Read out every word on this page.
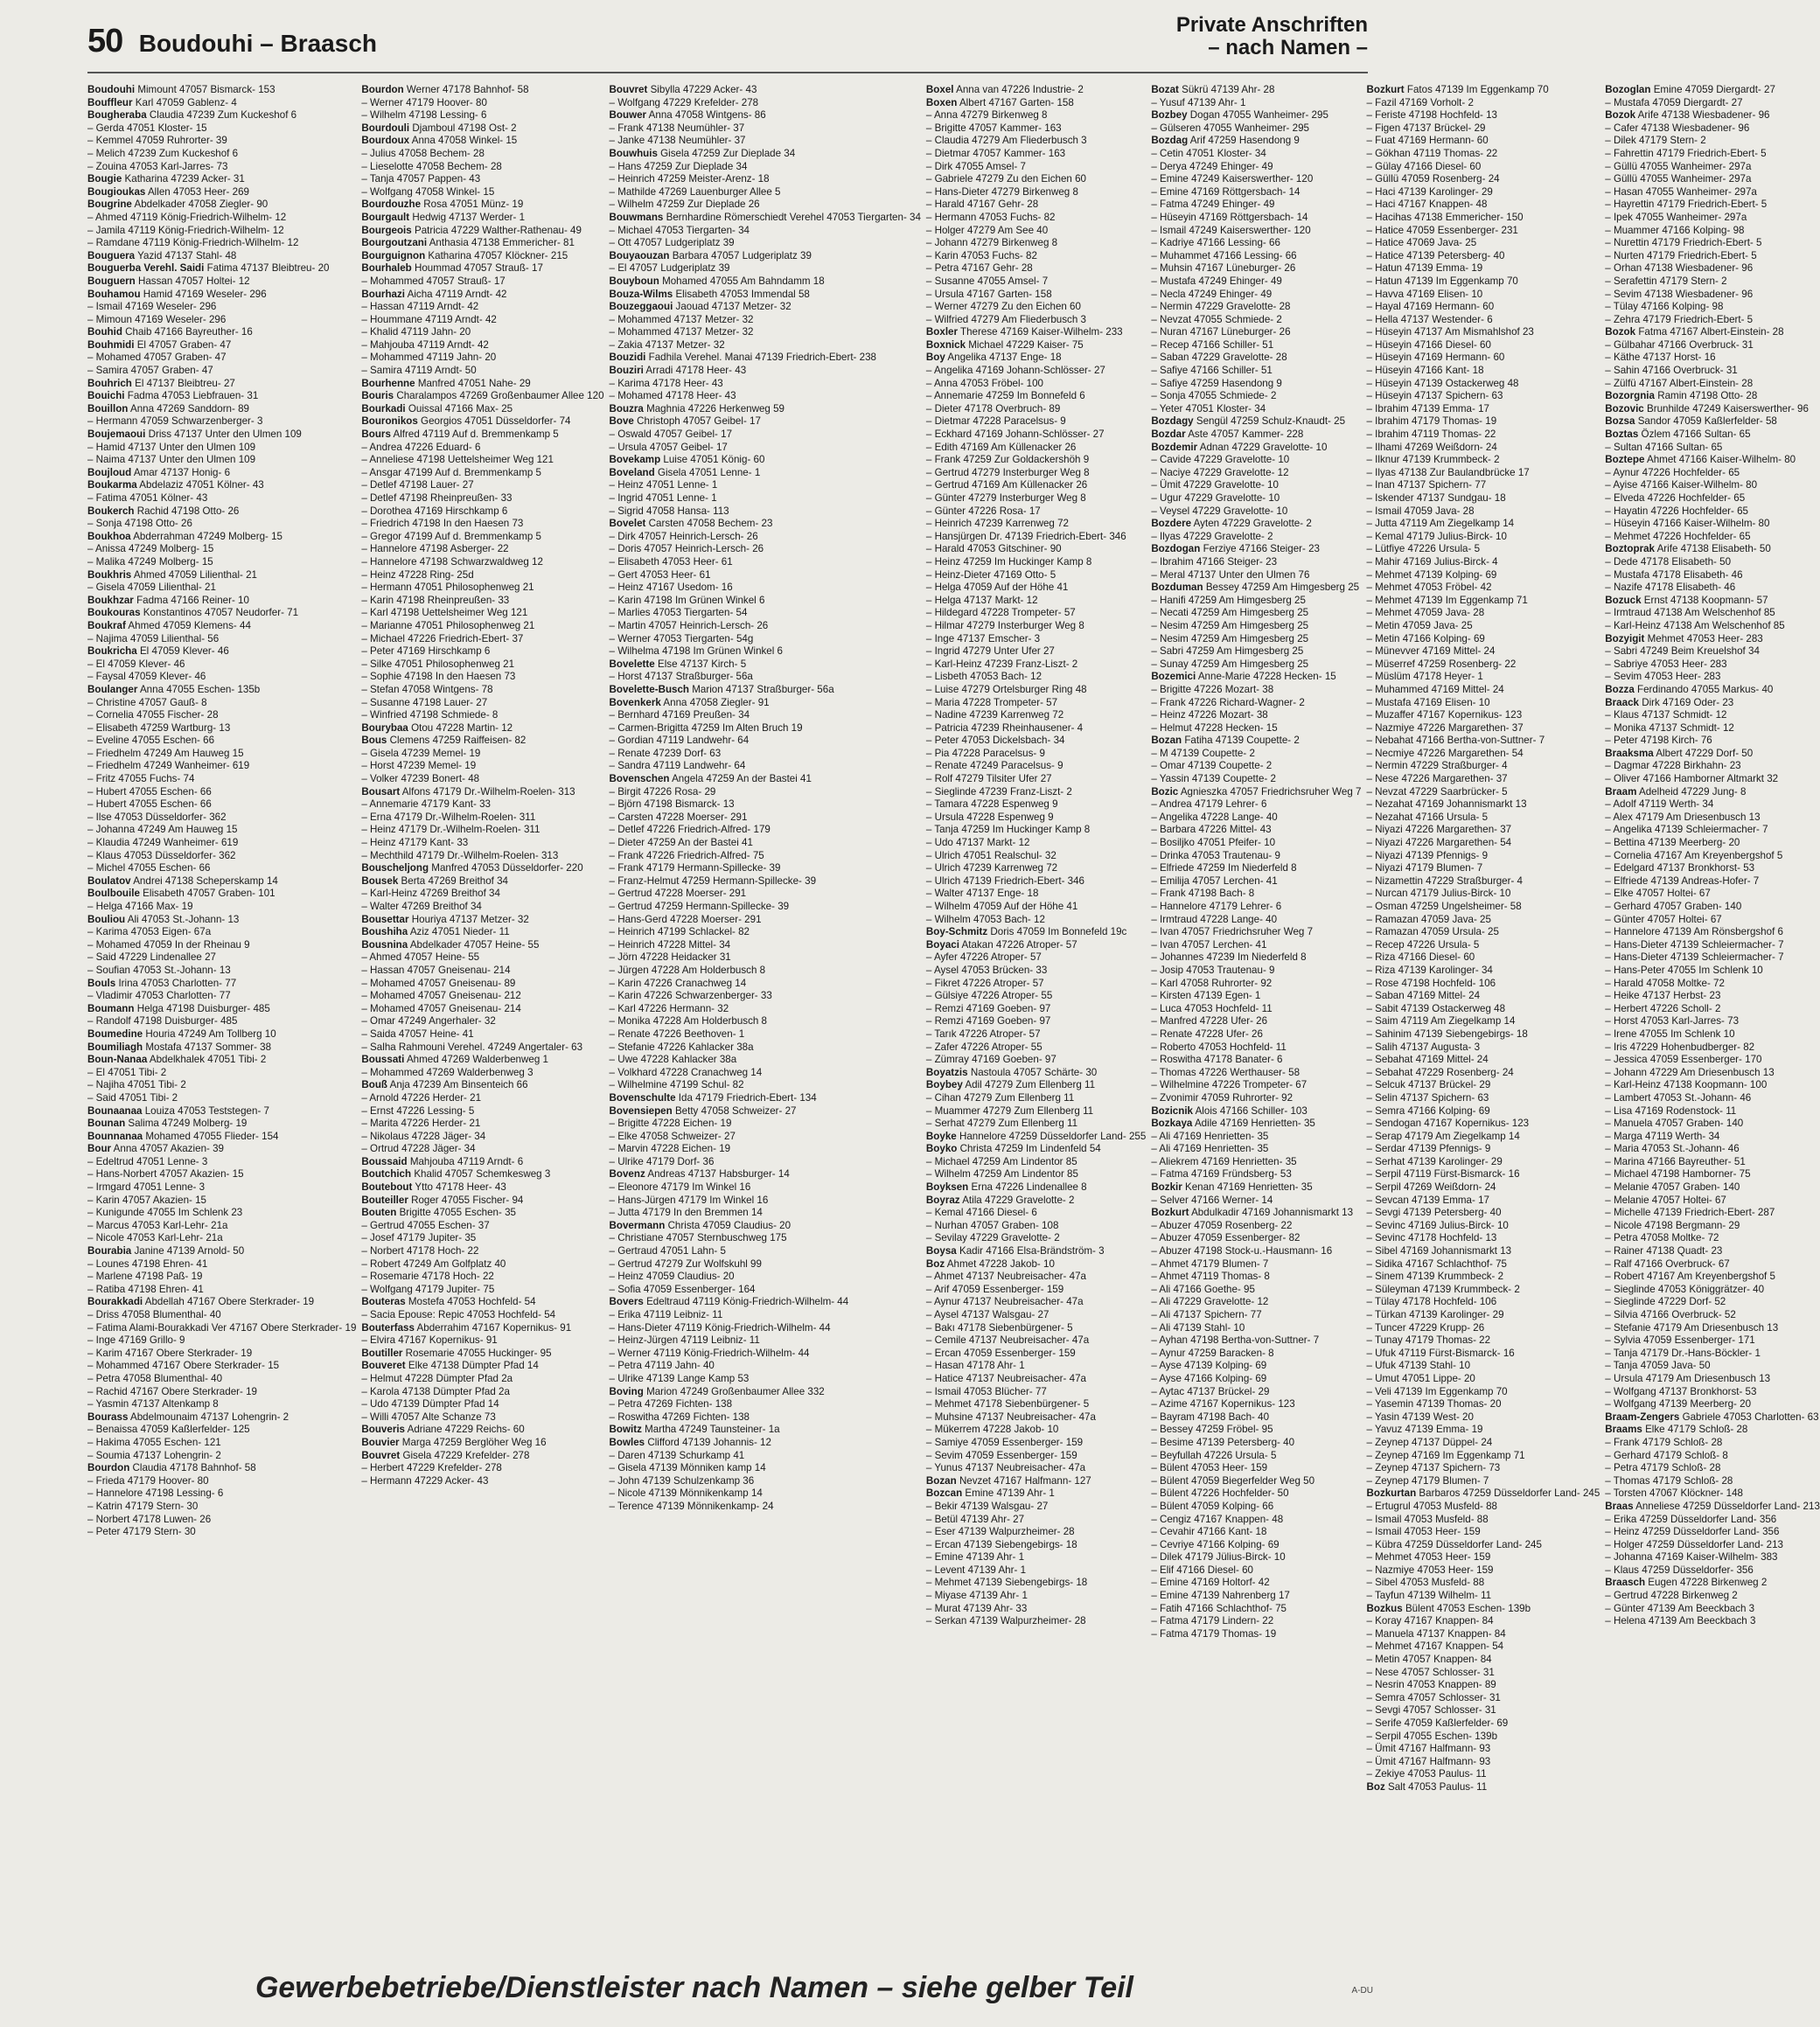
50 Boudouhi – Braasch
Private Anschriften
– nach Namen –
Boudouhi Mimount 47057 Bismarck- 153
Bouffleur Karl 47059 Gablenz- 4
Bougheraba Claudia 47239 Zum Kuckeshof 6
– Gerda 47051 Kloster- 15
– Kemmel 47059 Ruhrorter- 39
– Melich 47239 Zum Kuckeshof 6
– Zouina 47053 Karl-Jarres- 73
Bougie Katharina 47239 Acker- 31
Bougioukas Allen 47053 Heer- 269
Bougrine Abdelkader 47058 Ziegler- 90
– Ahmed 47119 König-Friedrich-Wilhelm- 12
– Jamila 47119 König-Friedrich-Wilhelm- 12
– Ramdane 47119 König-Friedrich-Wilhelm- 12
Bouguera Yazid 47137 Stahl- 48
Bouguerba Verehl. Saidi Fatima 47137 Bleibtreu- 20
Bouguern Hassan 47057 Holtei- 12
Bouhamou Hamid 47169 Weseler- 296
– Ismail 47169 Weseler- 296
– Mimoun 47169 Weseler- 296
Bouhid Chaib 47166 Bayreuther- 16
Bouhmidi El 47057 Graben- 47
– Mohamed 47057 Graben- 47
– Samira 47057 Graben- 47
Bouhrich El 47137 Bleibtreu- 27
Bouichi Fadma 47053 Liebfrauen- 31
Bouillon Anna 47269 Sanddorn- 89
– Hermann 47059 Schwarzenberger- 3
Boujemaoui Driss 47137 Unter den Ulmen 109
– Hamid 47137 Unter den Ulmen 109
– Naima 47137 Unter den Ulmen 109
Boujloud Amar 47137 Honig- 6
Boukarma Abdelaziz 47051 Kölner- 43
– Fatima 47051 Kölner- 43
Boukerch Rachid 47198 Otto- 26
– Sonja 47198 Otto- 26
Boukhoa Abderrahman 47249 Molberg- 15
– Anissa 47249 Molberg- 15
– Malika 47249 Molberg- 15
Boukhris Ahmed 47059 Lilienthal- 21
– Gisela 47059 Lilienthal- 21
Boukhzar Fadma 47166 Reiner- 10
Boukouras Konstantinos 47057 Neudorfer- 71
Boukraf Ahmed 47059 Klemens- 44
– Najima 47059 Lilienthal- 56
Boukricha El 47059 Klever- 46
– El 47059 Klever- 46
– Faysal 47059 Klever- 46
Boulanger Anna 47055 Eschen- 135b
– Christine 47057 Gauß- 8
– Cornelia 47055 Fischer- 28
– Elisabeth 47259 Wartburg- 13
– Eveline 47055 Eschen- 66
– Friedhelm 47249 Am Hauweg 15
– Friedhelm 47249 Wanheimer- 619
– Fritz 47055 Fuchs- 74
– Hubert 47055 Eschen- 66
– Hubert 47055 Eschen- 66
– Ilse 47053 Düsseldorfer- 362
– Johanna 47249 Am Hauweg 15
– Klaudia 47249 Wanheimer- 619
– Klaus 47053 Düsseldorfer- 362
– Michel 47055 Eschen- 66
Boulatov Andrei 47138 Scheperskamp 14
Boulbouile Elisabeth 47057 Graben- 101
– Helga 47166 Max- 19
Bouliou Ali 47053 St.-Johann- 13
– Karima 47053 Eigen- 67a
– Mohamed 47059 In der Rheinau 9
– Said 47229 Lindenallee 27
– Soufian 47053 St.-Johann- 13
Bouls Irina 47053 Charlotten- 77
– Vladimir 47053 Charlotten- 77
Boumann Helga 47198 Duisburger- 485
– Randolf 47198 Duisburger- 485
Boumedine Houria 47249 Am Tollberg 10
Boumiliagh Mostafa 47137 Sommer- 38
Boun-Nanaa Abdelkhalek 47051 Tibi- 2
– El 47051 Tibi- 2
– Najiha 47051 Tibi- 2
– Said 47051 Tibi- 2
Bounaanaa Louiza 47053 Teststegen- 7
Bounan Salima 47249 Molberg- 19
Bounnanaa Mohamed 47055 Flieder- 154
Bour Anna 47057 Akazien- 39
– Edeltrud 47051 Lenne- 3
– Hans-Norbert 47057 Akazien- 15
– Irmgard 47051 Lenne- 3
– Karin 47057 Akazien- 15
– Kunigunde 47055 Im Schlenk 23
– Marcus 47053 Karl-Lehr- 21a
– Nicole 47053 Karl-Lehr- 21a
Bourabia Janine 47139 Arnold- 50
– Lounes 47198 Ehren- 41
– Marlene 47198 Paß- 19
– Ratiba 47198 Ehren- 41
Bourakkadi Abdellah 47167 Obere Sterkrader- 19
– Driss 47058 Blumenthal- 40
– Fatima Alami-Bourakkadi Ver 47167 Obere Sterkrader- 19
– Inge 47169 Grillo- 9
– Karim 47167 Obere Sterkrader- 19
– Mohammed 47167 Obere Sterkrader- 15
– Petra 47058 Blumenthal- 40
– Rachid 47167 Obere Sterkrader- 19
– Yasmin 47137 Altenkamp 8
Bourass Abdelmounaim 47137 Lohengrin- 2
– Benaissa 47059 Kaßlerfelder- 125
– Hakima 47055 Eschen- 121
– Soumia 47137 Lohengrin- 2
Bourdon Claudia 47178 Bahnhof- 58
– Frieda 47179 Hoover- 80
– Hannelore 47198 Lessing- 6
– Katrin 47179 Stern- 30
– Norbert 47178 Luwen- 26
– Peter 47179 Stern- 30
Bourdon Werner 47178 Bahnhof- 58
– Werner 47179 Hoover- 80
– Wilhelm 47198 Lessing- 6
Bourdouli Djamboul 47198 Ost- 2
Bourdoux Anna 47058 Winkel- 15
– Julius 47058 Bechem- 28
– Lieselotte 47058 Bechem- 28
– Tanja 47057 Pappen- 43
– Wolfgang 47058 Winkel- 15
Bourdouzhe Rosa 47051 Münz- 19
Bourgault Hedwig 47137 Werder- 1
Bourgeois Patricia 47229 Walther-Rathenau- 49
Bourgoutzani Anthasia 47138 Emmericher- 81
Bourguignon Katharina 47057 Klöckner- 215
Bourhaleb Hoummad 47057 Strauß- 17
– Mohammed 47057 Strauß- 17
Bourhazi Aicha 47119 Arndt- 42
– Hassan 47119 Arndt- 42
– Hoummane 47119 Arndt- 42
– Khalid 47119 Jahn- 20
– Mahjouba 47119 Arndt- 42
– Mohammed 47119 Jahn- 20
– Samira 47119 Arndt- 50
Bourhenne Manfred 47051 Nahe- 29
Bouris Charalampos 47269 Großenbaumer Allee 120
Bourkadi Ouissal 47166 Max- 25
Bouronikos Georgios 47051 Düsseldorfer- 74
Bours Alfred 47119 Auf d. Bremmenkamp 5
– Andrea 47226 Eduard- 6
– Anneliese 47198 Uettelsheimer Weg 121
– Ansgar 47199 Auf d. Bremmenkamp 5
– Detlef 47198 Lauer- 27
– Detlef 47198 Rheinpreußen- 33
– Dorothea 47169 Hirschkamp 6
– Friedrich 47198 In den Haesen 73
– Gregor 47199 Auf d. Bremmenkamp 5
– Hannelore 47198 Asberger- 22
– Hannelore 47198 Schwarzwaldweg 12
– Heinz 47228 Ring- 25d
– Hermann 47051 Philosophenweg 21
– Karin 47198 Rheinpreußen- 33
– Karl 47198 Uettelsheimer Weg 121
– Marianne 47051 Philosophenweg 21
– Michael 47226 Friedrich-Ebert- 37
– Peter 47169 Hirschkamp 6
– Silke 47051 Philosophenweg 21
– Sophie 47198 In den Haesen 73
– Stefan 47058 Wintgens- 78
– Susanne 47198 Lauer- 27
– Winfried 47198 Schmiede- 8
Bourybaa Otou 47228 Martin- 12
Bous Clemens 47259 Raiffeisen- 82
– Gisela 47239 Memel- 19
– Horst 47239 Memel- 19
– Volker 47239 Bonert- 48
Bousart Alfons 47179 Dr.-Wilhelm-Roelen- 313
– Annemarie 47179 Kant- 33
– Erna 47179 Dr.-Wilhelm-Roelen- 311
– Heinz 47179 Dr.-Wilhelm-Roelen- 311
– Heinz 47179 Kant- 33
– Mechthild 47179 Dr.-Wilhelm-Roelen- 313
Bouscheljong Manfred 47053 Düsseldorfer- 220
Bousek Berta 47269 Breithof 34
– Karl-Heinz 47269 Breithof 34
– Walter 47269 Breithof 34
Bousettar Houriya 47137 Metzer- 32
Boushiha Aziz 47051 Nieder- 11
Bousnina Abdelkader 47057 Heine- 55
– Ahmed 47057 Heine- 55
– Hassan 47057 Gneisenau- 214
– Mohamed 47057 Gneisenau- 89
– Mohamed 47057 Gneisenau- 212
– Mohamed 47057 Gneisenau- 214
– Omar 47249 Angerhaler- 32
– Saida 47057 Heine- 41
– Salha Rahmouni Verehel. 47249 Angertaler- 63
Boussati Ahmed 47269 Walderbenweg 1
– Mohammed 47269 Walderbenweg 3
Bouß Anja 47239 Am Binsenteich 66
– Arnold 47226 Herder- 21
– Ernst 47226 Lessing- 5
– Marita 47226 Herder- 21
– Nikolaus 47228 Jäger- 34
– Ortrud 47228 Jäger- 34
Boussaid Mahjouba 47119 Arndt- 6
Boutchich Khalid 47057 Schemkesweg 3
Boutebout Ytto 47178 Heer- 43
Bouteiller Roger 47055 Fischer- 94
Bouten Brigitte 47055 Eschen- 35
– Gertrud 47055 Eschen- 37
– Josef 47179 Jupiter- 35
– Norbert 47178 Hoch- 22
– Robert 47249 Am Golfplatz 40
– Rosemarie 47178 Hoch- 22
– Wolfgang 47179 Jupiter- 75
Bouteras Mostefa 47053 Hochfeld- 54
– Sacia Epouse: Repic 47053 Hochfeld- 54
Bouterfass Abderrahim 47167 Kopernikus- 91
– Elvira 47167 Kopernikus- 91
Boutiller Rosemarie 47055 Huckinger- 95
Bouveret Elke 47138 Dümpter Pfad 14
– Helmut 47228 Dümpter Pfad 2a
– Karola 47138 Dümpter Pfad 2a
– Udo 47139 Dümpter Pfad 14
– Willi 47057 Alte Schanze 73
Bouveris Adriane 47229 Reichs- 60
Bouvier Marga 47259 Berglöher Weg 16
Bouvret Gisela 47229 Krefelder- 278
– Herbert 47229 Krefelder- 278
– Hermann 47229 Acker- 43
Bouvret Sibylla 47229 Acker- 43
– Wolfgang 47229 Krefelder- 278
Bouwer Anna 47058 Wintgens- 86
– Frank 47138 Neumühler- 37
– Janke 47138 Neumühler- 37
Bouwhuis Gisela 47259 Zur Dieplade 34
– Hans 47259 Zur Dieplade 34
– Heinrich 47259 Meister-Arenz- 18
– Mathilde 47269 Lauenburger Allee 5
– Wilhelm 47259 Zur Dieplade 26
Bouwmans Bernhardine Römerschiedt Verehel 47053 Tiergarten- 34
– Michael 47053 Tiergarten- 34
– Ott 47057 Ludgeriplatz 39
Bouyaouzan Barbara 47057 Ludgeriplatz 39
– El 47057 Ludgeriplatz 39
Bouyboun Mohamed 47055 Am Bahndamm 18
Bouza-Wilms Elisabeth 47053 Immendal 58
Bouzeggaoui Jaouad 47137 Metzer- 32
– Mohammed 47137 Metzer- 32
– Mohammed 47137 Metzer- 32
– Zakia 47137 Metzer- 32
Bouzidi Fadhila Verehel. Manai 47139 Friedrich-Ebert- 238
Bouziri Arradi 47178 Heer- 43
– Karima 47178 Heer- 43
– Mohamed 47178 Heer- 43
Bouzra Maghnia 47226 Herkenweg 59
Bove Christoph 47057 Geibel- 17
– Oswald 47057 Geibel- 17
– Ursula 47057 Geibel- 17
Bovekamp Luise 47051 König- 60
Boveland Gisela 47051 Lenne- 1
– Heinz 47051 Lenne- 1
– Ingrid 47051 Lenne- 1
– Sigrid 47058 Hansa- 113
Bovelet Carsten 47058 Bechem- 23
– Dirk 47057 Heinrich-Lersch- 26
– Doris 47057 Heinrich-Lersch- 26
– Elisabeth 47053 Heer- 61
– Gert 47053 Heer- 61
– Heinz 47167 Usedom- 16
– Karin 47198 Im Grünen Winkel 6
– Marlies 47053 Tiergarten- 54
– Martin 47057 Heinrich-Lersch- 26
– Werner 47053 Tiergarten- 54g
– Wilhelma 47198 Im Grünen Winkel 6
Bovelette Else 47137 Kirch- 5
– Horst 47137 Straßburger- 56a
Bovelette-Busch Marion 47137 Straßburger- 56a
Bovenkerk Anna 47058 Ziegler- 91
– Bernhard 47169 Preußen- 34
– Carmen-Brigitta 47259 Im Alten Bruch 19
– Gordian 47119 Landwehr- 64
– Renate 47239 Dorf- 63
– Sandra 47119 Landwehr- 64
Bovenschen Angela 47259 An der Bastei 41
– Birgit 47226 Rosa- 29
– Björn 47198 Bismarck- 13
– Carsten 47228 Moerser- 291
– Detlef 47226 Friedrich-Alfred- 179
– Dieter 47259 An der Bastei 41
– Frank 47226 Friedrich-Alfred- 75
– Frank 47179 Hermann-Spillecke- 39
– Franz-Helmut 47259 Hermann-Spillecke- 39
– Gertrud 47228 Moerser- 291
– Gertrud 47259 Hermann-Spillecke- 39
– Hans-Gerd 47228 Moerser- 291
– Heinrich 47199 Schlackel- 82
– Heinrich 47228 Mittel- 34
– Jörn 47228 Heidacker 31
– Jürgen 47228 Am Holderbusch 8
– Karin 47226 Cranachweg 14
– Karin 47226 Schwarzenberger- 33
– Karl 47226 Hermann- 32
– Monika 47228 Am Holderbusch 8
– Renate 47226 Beethoven- 1
– Stefanie 47226 Kahlacker 38a
– Uwe 47228 Kahlacker 38a
– Volkhard 47228 Cranachweg 14
– Wilhelmine 47199 Schul- 82
Bovenschulte Ida 47179 Friedrich-Ebert- 134
Bovensiepen Betty 47058 Schweizer- 27
– Brigitte 47228 Eichen- 19
– Elke 47058 Schweizer- 27
– Marvin 47228 Eichen- 19
– Ulrike 47179 Dorf- 36
Bovenz Andreas 47137 Habsburger- 14
– Eleonore 47179 Im Winkel 16
– Hans-Jürgen 47179 Im Winkel 16
– Jutta 47179 In den Bremmen 14
Bovermann Christa 47059 Claudius- 20
– Christiane 47057 Sternbuschweg 175
– Gertraud 47051 Lahn- 5
– Gertrud 47279 Zur Wolfskuhl 99
– Heinz 47059 Claudius- 20
– Sofia 47059 Essenberger- 164
Bovers Edeltraud 47119 König-Friedrich-Wilhelm- 44
– Erika 47119 Leibniz- 11
– Hans-Dieter 47119 König-Friedrich-Wilhelm- 44
– Heinz-Jürgen 47119 Leibniz- 11
– Werner 47119 König-Friedrich-Wilhelm- 44
– Petra 47119 Jahn- 40
– Ulrike 47139 Lange Kamp 53
Boving Marion 47249 Großenbaumer Allee 332
– Petra 47269 Fichten- 138
– Roswitha 47269 Fichten- 138
Bowitz Martha 47249 Taunsteiner- 1a
Bowles Clifford 47139 Johannis- 12
– Daren 47139 Schurkamp 41
– Gisela 47139 Mönniken kamp 14
– John 47139 Schulzenkamp 36
– Nicole 47139 Mönnikenkamp 14
– Terence 47139 Mönnikenkamp- 24
Boxel Anna van 47226 Industrie- 2
Boxen Albert 47167 Garten- 158
– Anna 47279 Birkenweg 8
– Brigitte 47057 Kammer- 163
– Claudia 47279 Am Fliederbusch 3
– Dietmar 47057 Kammer- 163
– Dirk 47055 Amsel- 7
– Gabriele 47279 Zu den Eichen 60
– Hans-Dieter 47279 Birkenweg 8
– Harald 47167 Gehr- 28
– Hermann 47053 Fuchs- 82
– Holger 47279 Am See 40
– Johann 47279 Birkenweg 8
– Karin 47053 Fuchs- 82
– Petra 47167 Gehr- 28
– Susanne 47055 Amsel- 7
– Ursula 47167 Garten- 158
– Werner 47279 Zu den Eichen 60
– Wilfried 47279 Am Fliederbusch 3
Boxler Therese 47169 Kaiser-Wilhelm- 233
Boxnick Michael 47229 Kaiser- 75
Boy Angelika 47137 Enge- 18
– Angelika 47169 Johann-Schlösser- 27
– Anna 47053 Fröbel- 100
– Annemarie 47259 Im Bonnefeld 6
– Dieter 47178 Overbruch- 89
– Dietmar 47228 Paracelsus- 9
– Eckhard 47169 Johann-Schlösser- 27
– Edith 47169 Am Küllenacker 26
– Frank 47259 Zur Goldackershöh 9
– Gertrud 47279 Insterburger Weg 8
– Gertrud 47169 Am Küllenacker 26
– Günter 47279 Insterburger Weg 8
– Günter 47226 Rosa- 17
– Heinrich 47239 Karrenweg 72
– Hansjürgen Dr. 47139 Friedrich-Ebert- 346
– Harald 47053 Gitschiner- 90
– Heinz 47259 Im Huckinger Kamp 8
– Heinz-Dieter 47169 Otto- 5
– Helga 47059 Auf der Höhe 41
– Helga 47137 Markt- 12
– Hildegard 47228 Trompeter- 57
– Hilmar 47279 Insterburger Weg 8
– Inge 47137 Emscher- 3
– Ingrid 47279 Unter Ufer 27
– Karl-Heinz 47239 Franz-Liszt- 2
– Lisbeth 47053 Bach- 12
– Luise 47279 Ortelsburger Ring 48
– Maria 47228 Trompeter- 57
– Nadine 47239 Karrenweg 72
– Patricia 47239 Rheinhausener- 4
– Peter 47053 Dickelsbach- 34
– Pia 47228 Paracelsus- 9
– Renate 47249 Paracelsus- 9
– Rolf 47279 Tilsiter Ufer 27
– Sieglinde 47239 Franz-Liszt- 2
– Tamara 47228 Espenweg 9
– Ursula 47228 Espenweg 9
– Tanja 47259 Im Huckinger Kamp 8
– Udo 47137 Markt- 12
– Ulrich 47051 Realschul- 32
– Ulrich 47239 Karrenweg 72
– Ulrich 47139 Friedrich-Ebert- 346
– Walter 47137 Enge- 18
– Wilhelm 47059 Auf der Höhe 41
– Wilhelm 47053 Bach- 12
Boy-Schmitz Doris 47059 Im Bonnefeld 19c
Boyaci Atakan 47226 Atroper- 57
– Ayfer 47226 Atroper- 57
– Aysel 47053 Brücken- 33
– Fikret 47226 Atroper- 57
– Gülsiye 47226 Atroper- 55
– Remzi 47169 Goeben- 97
– Remzi 47169 Goeben- 97
– Tarık 47226 Atroper- 57
– Zafer 47226 Atroper- 55
– Zümray 47169 Goeben- 97
Boyatzis Nastoula 47057 Schärte- 30
Boybey Adil 47279 Zum Ellenberg 11
– Cihan 47279 Zum Ellenberg 11
– Muammer 47279 Zum Ellenberg 11
– Serhat 47279 Zum Ellenberg 11
Boyke Hannelore 47259 Düsseldorfer Land- 255
Boyko Christa 47259 Im Lindenfeld 54
– Michael 47259 Am Lindentor 85
– Wilhelm 47259 Am Lindentor 85
Boyksen Erna 47226 Lindenallee 8
Boyraz Atila 47229 Gravelotte- 2
– Kemal 47166 Diesel- 6
– Nurhan 47057 Graben- 108
– Sevilay 47229 Gravelotte- 2
Boysa Kadir 47166 Elsa-Brändström- 3
Boz Ahmet 47228 Jakob- 10
– Ahmet 47137 Neubreisacher- 47a
– Arif 47059 Essenberger- 159
– Aynur 47137 Neubreisacher- 47a
– Aysel 47137 Walsgau- 27
– Bakı 47178 Siebenbürgener- 5
– Cemile 47137 Neubreisacher- 47a
– Ercan 47059 Essenberger- 159
– Hasan 47178 Ahr- 1
– Hatice 47137 Neubreisacher- 47a
– Ismail 47053 Blücher- 77
– Mehmet 47178 Siebenbürgener- 5
– Muhsine 47137 Neubreisacher- 47a
– Mükerrem 47228 Jakob- 10
– Samiye 47059 Essenberger- 159
– Sevim 47059 Essenberger- 159
– Yunus 47137 Neubreisacher- 47a
Bozan Nevzet 47167 Halfmann- 127
Bozcan Emine 47139 Ahr- 1
– Bekir 47139 Walsgau- 27
– Betül 47139 Ahr- 27
– Eser 47139 Walpurzheimer- 28
– Ercan 47139 Siebengebirgs- 18
– Emine 47139 Ahr- 1
– Levent 47139 Ahr- 1
– Mehmet 47139 Siebengebirgs- 18
– Miyase 47139 Ahr- 1
– Murat 47139 Ahr- 33
– Serkan 47139 Walpurzheimer- 28
Bozat Sükrü 47139 Ahr- 28
– Yusuf 47139 Ahr- 1
Bozbey Dogan 47055 Wanheimer- 295
– Gülseren 47055 Wanheimer- 295
Bozdag Arif 47259 Hasendong 9
– Cetin 47051 Kloster- 34
– Derya 47249 Ehinger- 49
– Emine 47249 Kaiserswerther- 120
– Emine 47169 Röttgersbach- 14
– Fatma 47249 Ehinger- 49
– Hüseyin 47169 Röttgersbach- 14
– Ismail 47249 Kaiserswerther- 120
– Kadriye 47166 Lessing- 66
– Muhammet 47166 Lessing- 66
– Muhsin 47167 Lüneburger- 26
– Mustafa 47249 Ehinger- 49
– Necla 47249 Ehinger- 49
– Nermin 47229 Gravelotte- 28
– Nevzat 47055 Schmiede- 2
– Nuran 47167 Lüneburger- 26
– Recep 47166 Schiller- 51
– Saban 47229 Gravelotte- 28
– Safiye 47166 Schiller- 51
– Safiye 47259 Hasendong 9
– Sonja 47055 Schmiede- 2
– Yeter 47051 Kloster- 34
Bozdagy Sengül 47259 Schulz-Knaudt- 25
Bozdar Aste 47057 Kammer- 228
Bozdemir Adnan 47229 Gravelotte- 10
– Cavide 47229 Gravelotte- 10
– Naciye 47229 Gravelotte- 12
– Ümit 47229 Gravelotte- 10
– Ugur 47229 Gravelotte- 10
– Veysel 47229 Gravelotte- 10
Bozdere Ayten 47229 Gravelotte- 2
– Ilyas 47229 Gravelotte- 2
Bozdogan Ferziye 47166 Steiger- 23
– Ibrahim 47166 Steiger- 23
– Meral 47137 Unter den Ulmen 76
Bozduman Bessey 47259 Am Himgesberg 25
– Hanifi 47259 Am Himgesberg 25
– Necati 47259 Am Himgesberg 25
– Nesim 47259 Am Himgesberg 25
– Nesim 47259 Am Himgesberg 25
– Sabri 47259 Am Himgesberg 25
– Sunay 47259 Am Himgesberg 25
Bozemici Anne-Marie 47228 Hecken- 15
– Brigitte 47226 Mozart- 38
– Frank 47226 Richard-Wagner- 2
– Heinz 47226 Mozart- 38
– Helmut 47228 Hecken- 15
Bozan Fatiha 47139 Coupette- 2
– M 47139 Coupette- 2
– Omar 47139 Coupette- 2
– Yassin 47139 Coupette- 2
Bozic Agnieszka 47057 Friedrichsruher Weg 7
– Andrea 47179 Lehrer- 6
– Angelika 47228 Lange- 40
– Barbara 47226 Mittel- 43
– Bosiljko 47051 Pfeifer- 10
– Drinka 47053 Trautenau- 9
– Elfriede 47259 Im Niederfeld 8
– Emilija 47057 Lerchen- 41
– Frank 47198 Bach- 8
– Hannelore 47179 Lehrer- 6
– Irmtraud 47228 Lange- 40
– Ivan 47057 Friedrichsruher Weg 7
– Ivan 47057 Lerchen- 41
– Johannes 47239 Im Niederfeld 8
– Josip 47053 Trautenau- 9
– Karl 47058 Ruhrorter- 92
– Kirsten 47139 Egen- 1
– Luca 47053 Hochfeld- 11
– Manfred 47228 Ufer- 26
– Renate 47228 Ufer- 26
– Roberto 47053 Hochfeld- 11
– Roswitha 47178 Banater- 6
– Thomas 47226 Werthauser- 58
– Wilhelmine 47226 Trompeter- 67
– Zvonimir 47059 Ruhrorter- 92
Bozicnik Alois 47166 Schiller- 103
Bozkaya Adile 47169 Henrietten- 35
– Ali 47169 Henrietten- 35
– Ali 47169 Henrietten- 35
– Aliekrem 47169 Henrietten- 35
– Fatma 47169 Fründsberg- 53
Bozkir Kenan 47169 Henrietten- 35
– Selver 47166 Werner- 14
Bozkurt Abdulkadir 47169 Johannismarkt 13
– Abuzer 47059 Rosenberg- 22
– Abuzer 47059 Essenberger- 82
– Abuzer 47198 Stock-u.-Hausmann- 16
– Ahmet 47179 Blumen- 7
– Ahmet 47119 Thomas- 8
– Ali 47166 Goethe- 95
– Ali 47229 Gravelotte- 12
– Ali 47137 Spichern- 77
– Ali 47139 Stahl- 10
– Ayhan 47198 Bertha-von-Suttner- 7
– Aynur 47259 Baracken- 8
– Ayse 47139 Kolping- 69
– Ayse 47166 Kolping- 69
– Aytac 47137 Brückel- 29
– Azime 47167 Kopernikus- 123
– Bayram 47198 Bach- 40
– Bessey 47259 Fröbel- 95
– Besime 47139 Petersberg- 40
– Beyfullah 47226 Ursula- 5
– Bülent 47053 Heer- 159
– Bülent 47059 Biegerfelder Weg 50
– Bülent 47226 Hochfelder- 50
– Bülent 47059 Kolping- 66
– Cengiz 47167 Knappen- 48
– Cevahir 47166 Kant- 18
– Cevriye 47166 Kolping- 69
– Dilek 47179 Jülius-Birck- 10
– Elif 47166 Diesel- 60
– Emine 47169 Holtorf- 42
– Emine 47139 Nahrenberg 17
– Fatih 47166 Schlachthof- 75
– Fatma 47179 Lindern- 22
– Fatma 47179 Thomas- 19
Bozkurt Fatos 47139 Im Eggenkamp 70
– Fazil 47169 Vorholt- 2
– Feriste 47198 Hochfeld- 13
– Figen 47137 Brückel- 29
– Fuat 47169 Hermann- 60
– Gökhan 47119 Thomas- 22
– Gülay 47166 Diesel- 60
– Güllü 47059 Rosenberg- 24
– Haci 47139 Karolinger- 29
– Haci 47167 Knappen- 48
– Hacihas 47138 Emmericher- 150
– Hatice 47059 Essenberger- 231
– Hatice 47069 Java- 25
– Hatice 47139 Petersberg- 40
– Hatun 47139 Emma- 19
– Hatun 47139 Im Eggenkamp 70
– Havva 47169 Elisen- 10
– Hayal 47169 Hermann- 60
– Hella 47137 Westender- 6
– Hüseyin 47137 Am Mismahlshof 23
– Hüseyin 47166 Diesel- 60
– Hüseyin 47169 Hermann- 60
– Hüseyin 47166 Kant- 18
– Hüseyin 47139 Ostackerweg 48
– Hüseyin 47137 Spichern- 63
– Ibrahim 47139 Emma- 17
– Ibrahim 47179 Thomas- 19
– Ibrahim 47119 Thomas- 22
– Ilhami 47269 Weißdorn- 24
– Ilknur 47139 Krummbeck- 2
– Ilyas 47138 Zur Baulandbrücke 17
– Inan 47137 Spichern- 77
– Iskender 47137 Sundgau- 18
– Ismail 47059 Java- 28
– Jutta 47119 Am Ziegelkamp 14
– Kemal 47179 Julius-Birck- 10
– Lütfiye 47226 Ursula- 5
– Mahir 47169 Julius-Birck- 4
– Mehmet 47139 Kolping- 69
– Mehmet 47053 Fröbel- 42
– Mehmet 47139 Im Eggenkamp 71
– Mehmet 47059 Java- 28
– Metin 47059 Java- 25
– Metin 47166 Kolping- 69
– Münevver 47169 Mittel- 24
– Müserref 47259 Rosenberg- 22
– Müslüm 47178 Heyer- 1
– Muhammed 47169 Mittel- 24
– Mustafa 47169 Elisen- 10
– Muzaffer 47167 Kopernikus- 123
– Nazmiye 47226 Margarethen- 37
– Nebahat 47166 Bertha-von-Suttner- 7
– Necmiye 47226 Margarethen- 54
– Nermin 47229 Straßburger- 4
– Nese 47226 Margarethen- 37
– Nevzat 47229 Saarbrücker- 5
– Nezahat 47169 Johannismarkt 13
– Nezahat 47166 Ursula- 5
– Niyazi 47226 Margarethen- 37
– Niyazi 47226 Margarethen- 54
– Niyazi 47139 Pfennigs- 9
– Niyazi 47179 Blumen- 7
– Nizamettin 47229 Straßburger- 4
– Nurcan 47179 Julius-Birck- 10
– Osman 47259 Ungelsheimer- 58
– Ramazan 47059 Java- 25
– Ramazan 47059 Ursula- 25
– Recep 47226 Ursula- 5
– Riza 47166 Diesel- 60
– Riza 47139 Karolinger- 34
– Rose 47198 Hochfeld- 106
– Saban 47169 Mittel- 24
– Sabit 47139 Ostackerweg 48
– Saim 47119 Am Ziegelkamp 14
– Sahinim 47139 Siebengebirgs- 18
– Salih 47137 Augusta- 3
– Sebahat 47169 Mittel- 24
– Sebahat 47229 Rosenberg- 24
– Selcuk 47137 Brückel- 29
– Selin 47137 Spichern- 63
– Semra 47166 Kolping- 69
– Sendogan 47167 Kopernikus- 123
– Serap 47179 Am Ziegelkamp 14
– Serdar 47139 Pfennigs- 9
– Serhat 47139 Karolinger- 29
– Serpil 47119 Fürst-Bismarck- 16
– Serpil 47269 Weißdorn- 24
– Sevcan 47139 Emma- 17
– Sevgi 47139 Petersberg- 40
– Sevinc 47169 Julius-Birck- 10
– Sevinc 47178 Hochfeld- 13
– Sibel 47169 Johannismarkt 13
– Sidika 47167 Schlachthof- 75
– Sinem 47139 Krummbeck- 2
– Süleyman 47139 Krummbeck- 2
– Tülay 47178 Hochfeld- 106
– Türkan 47139 Karolinger- 29
– Tuncer 47229 Krupp- 26
– Tunay 47179 Thomas- 22
– Ufuk 47119 Fürst-Bismarck- 16
– Ufuk 47139 Stahl- 10
– Umut 47051 Lippe- 20
– Veli 47139 Im Eggenkamp 70
– Yasemin 47139 Thomas- 20
– Yasin 47139 West- 20
– Yavuz 47139 Emma- 19
– Zeynep 47137 Düppel- 24
– Zeynep 47169 Im Eggenkamp 71
– Zeynep 47137 Spichern- 73
– Zeynep 47179 Blumen- 7
Bozkurtan Barbaros 47259 Düsseldorfer Land- 245
– Ertugrul 47053 Musfeld- 88
– Ismail 47053 Musfeld- 88
– Ismail 47053 Heer- 159
– Kübra 47259 Düsseldorfer Land- 245
– Mehmet 47053 Heer- 159
– Nazmiye 47053 Heer- 159
– Sibel 47053 Musfeld- 88
– Tayfun 47139 Wilhelm- 11
Bozkus Bülent 47053 Eschen- 139b
– Koray 47167 Knappen- 84
– Manuela 47137 Knappen- 84
– Mehmet 47167 Knappen- 54
– Metin 47057 Knappen- 84
– Nese 47057 Schlosser- 31
– Nesrin 47053 Knappen- 89
– Semra 47057 Schlosser- 31
– Sevgi 47057 Schlosser- 31
– Serife 47059 Kaßlerfelder- 69
– Serpil 47055 Eschen- 139b
– Ümit 47167 Halfmann- 93
– Ümit 47167 Halfmann- 93
– Zekiye 47053 Paulus- 11
Boz Salt 47053 Paulus- 11
Bozoglan Emine 47059 Diergardt- 27
– Mustafa 47059 Diergardt- 27
Bozok Arife 47138 Wiesbadener- 96
– Cafer 47138 Wiesbadener- 96
– Dilek 47179 Stern- 2
– Fahrettin 47179 Friedrich-Ebert- 5
– Güllü 47055 Wanheimer- 297a
– Güllü 47055 Wanheimer- 297a
– Hasan 47055 Wanheimer- 297a
– Hayrettin 47179 Friedrich-Ebert- 5
– Ipek 47055 Wanheimer- 297a
– Muammer 47166 Kolping- 98
– Nurettin 47179 Friedrich-Ebert- 5
– Nurten 47179 Friedrich-Ebert- 5
– Orhan 47138 Wiesbadener- 96
– Serafettin 47179 Stern- 2
– Sevim 47138 Wiesbadener- 96
– Tülay 47166 Kolping- 98
– Zehra 47179 Friedrich-Ebert- 5
Bozok Fatma 47167 Albert-Einstein- 28
– Gülbahar 47166 Overbruck- 31
– Käthe 47137 Horst- 16
– Sahin 47166 Overbruck- 31
– Zülfü 47167 Albert-Einstein- 28
Bozorgnia Ramin 47198 Otto- 28
Bozovic Brunhilde 47249 Kaiserswerther- 96
Bozsa Sandor 47059 Kaßlerfelder- 58
Boztas Özlem 47166 Sultan- 65
– Sultan 47166 Sultan- 65
Boztepe Ahmet 47166 Kaiser-Wilhelm- 80
– Aynur 47226 Hochfelder- 65
– Ayise 47166 Kaiser-Wilhelm- 80
– Elveda 47226 Hochfelder- 65
– Hayatin 47226 Hochfelder- 65
– Hüseyin 47166 Kaiser-Wilhelm- 80
– Mehmet 47226 Hochfelder- 65
Boztoprak Arife 47138 Elisabeth- 50
– Dede 47178 Elisabeth- 50
– Mustafa 47178 Elisabeth- 46
– Nazife 47178 Elisabeth- 46
Bozuck Ernst 47138 Koopmann- 57
– Irmtraud 47138 Am Welschenhof 85
– Karl-Heinz 47138 Am Welschenhof 85
Bozyigit Mehmet 47053 Heer- 283
– Sabri 47249 Beim Kreuelshof 34
– Sabriye 47053 Heer- 283
– Sevim 47053 Heer- 283
Bozza Ferdinando 47055 Markus- 40
Braack Dirk 47169 Oder- 23
– Klaus 47137 Schmidt- 12
– Monika 47137 Schmidt- 12
– Peter 47198 Kirch- 76
Braaksma Albert 47229 Dorf- 50
– Dagmar 47228 Birkhahn- 23
– Oliver 47166 Hamborner Altmarkt 32
Braam Adelheid 47229 Jung- 8
– Adolf 47119 Werth- 34
– Alex 47179 Am Driesenbusch 13
– Angelika 47139 Schleiermacher- 7
– Bettina 47139 Meerberg- 20
– Cornelia 47167 Am Kreyenbergshof 5
– Edelgard 47137 Bronkhorst- 53
– Elfriede 47139 Andreas-Hofer- 7
– Elke 47057 Holtei- 67
– Gerhard 47057 Graben- 140
– Günter 47057 Holtei- 67
– Hannelore 47139 Am Rönsbergshof 6
– Hans-Dieter 47139 Schleiermacher- 7
– Hans-Dieter 47139 Schleiermacher- 7
– Hans-Peter 47055 Im Schlenk 10
– Harald 47058 Moltke- 72
– Heike 47137 Herbst- 23
– Herbert 47226 Scholl- 2
– Horst 47053 Karl-Jarres- 73
– Irene 47055 Im Schlenk 10
– Iris 47229 Hohenbudberger- 82
– Jessica 47059 Essenberger- 170
– Johann 47229 Am Driesenbusch 13
– Karl-Heinz 47138 Koopmann- 100
– Lambert 47053 St.-Johann- 46
– Lisa 47169 Rodenstock- 11
– Manuela 47057 Graben- 140
– Marga 47119 Werth- 34
– Maria 47053 St.-Johann- 46
– Marina 47166 Bayreuther- 51
– Michael 47198 Hamborner- 75
– Melanie 47057 Graben- 140
– Melanie 47057 Holtei- 67
– Michelle 47139 Friedrich-Ebert- 287
– Nicole 47198 Bergmann- 29
– Petra 47058 Moltke- 72
– Rainer 47138 Quadt- 23
– Ralf 47166 Overbruck- 67
– Robert 47167 Am Kreyenbergshof 5
– Sieglinde 47053 Königgrätzer- 40
– Sieglinde 47229 Dorf- 52
– Silvia 47166 Overbruck- 52
– Stefanie 47179 Am Driesenbusch 13
– Sylvia 47059 Essenberger- 171
– Tanja 47179 Dr.-Hans-Böckler- 1
– Tanja 47059 Java- 50
– Ursula 47179 Am Driesenbusch 13
– Wolfgang 47137 Bronkhorst- 53
– Wolfgang 47139 Meerberg- 20
Braam-Zengers Gabriele 47053 Charlotten- 63
Braams Elke 47179 Schloß- 28
– Frank 47179 Schloß- 28
– Gerhard 47179 Schloß- 8
– Petra 47179 Schloß- 28
– Thomas 47179 Schloß- 28
– Torsten 47067 Klöckner- 148
Braas Anneliese 47259 Düsseldorfer Land- 213
– Erika 47259 Düsseldorfer Land- 356
– Heinz 47259 Düsseldorfer Land- 356
– Holger 47259 Düsseldorfer Land- 213
– Johanna 47169 Kaiser-Wilhelm- 383
– Klaus 47259 Düsseldorfer- 356
Braasch Eugen 47228 Birkenweg 2
– Gertrud 47228 Birkenweg 2
– Günter 47139 Am Beeckbach 3
– Helena 47139 Am Beeckbach 3
Gewerbebetriebe/Dienstleister nach Namen – siehe gelber Teil	A-DU
